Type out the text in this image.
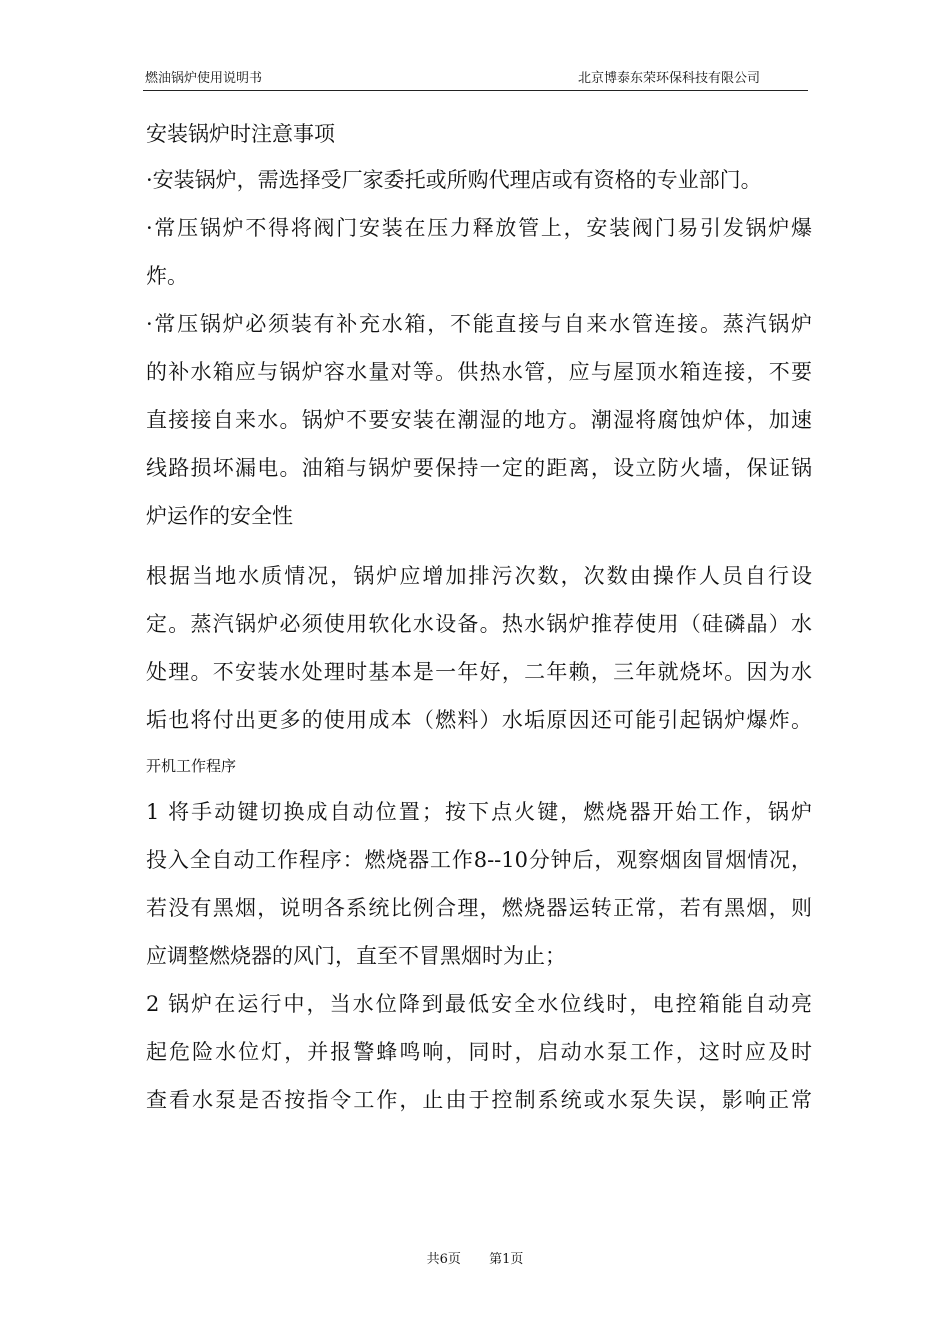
燃油锅炉使用说明书	北京博泰东荣环保科技有限公司
安装锅炉时注意事项
·安装锅炉，需选择受厂家委托或所购代理店或有资格的专业部门。
·常压锅炉不得将阀门安装在压力释放管上，安装阀门易引发锅炉爆
炸。
·常压锅炉必须装有补充水箱，不能直接与自来水管连接。蒸汽锅炉
的补水箱应与锅炉容水量对等。供热水管，应与屋顶水箱连接，不要
直接接自来水。锅炉不要安装在潮湿的地方。潮湿将腐蚀炉体，加速
线路损坏漏电。油箱与锅炉要保持一定的距离，设立防火墙，保证锅
炉运作的安全性
根据当地水质情况，锅炉应增加排污次数，次数由操作人员自行设
定。蒸汽锅炉必须使用软化水设备。热水锅炉推荐使用（硅磷晶）水
处理。不安装水处理时基本是一年好，二年赖，三年就烧坏。因为水
垢也将付出更多的使用成本（燃料）水垢原因还可能引起锅炉爆炸。
开机工作程序
1 将手动键切换成自动位置；按下点火键，燃烧器开始工作，锅炉
投入全自动工作程序：燃烧器工作8--10分钟后，观察烟囱冒烟情况，
若没有黑烟，说明各系统比例合理，燃烧器运转正常，若有黑烟，则
应调整燃烧器的风门，直至不冒黑烟时为止；
2 锅炉在运行中，当水位降到最低安全水位线时，电控箱能自动亮
起危险水位灯，并报警蜂鸣响，同时，启动水泵工作，这时应及时
查看水泵是否按指令工作，止由于控制系统或水泵失误，影响正常
共6页 第1页
